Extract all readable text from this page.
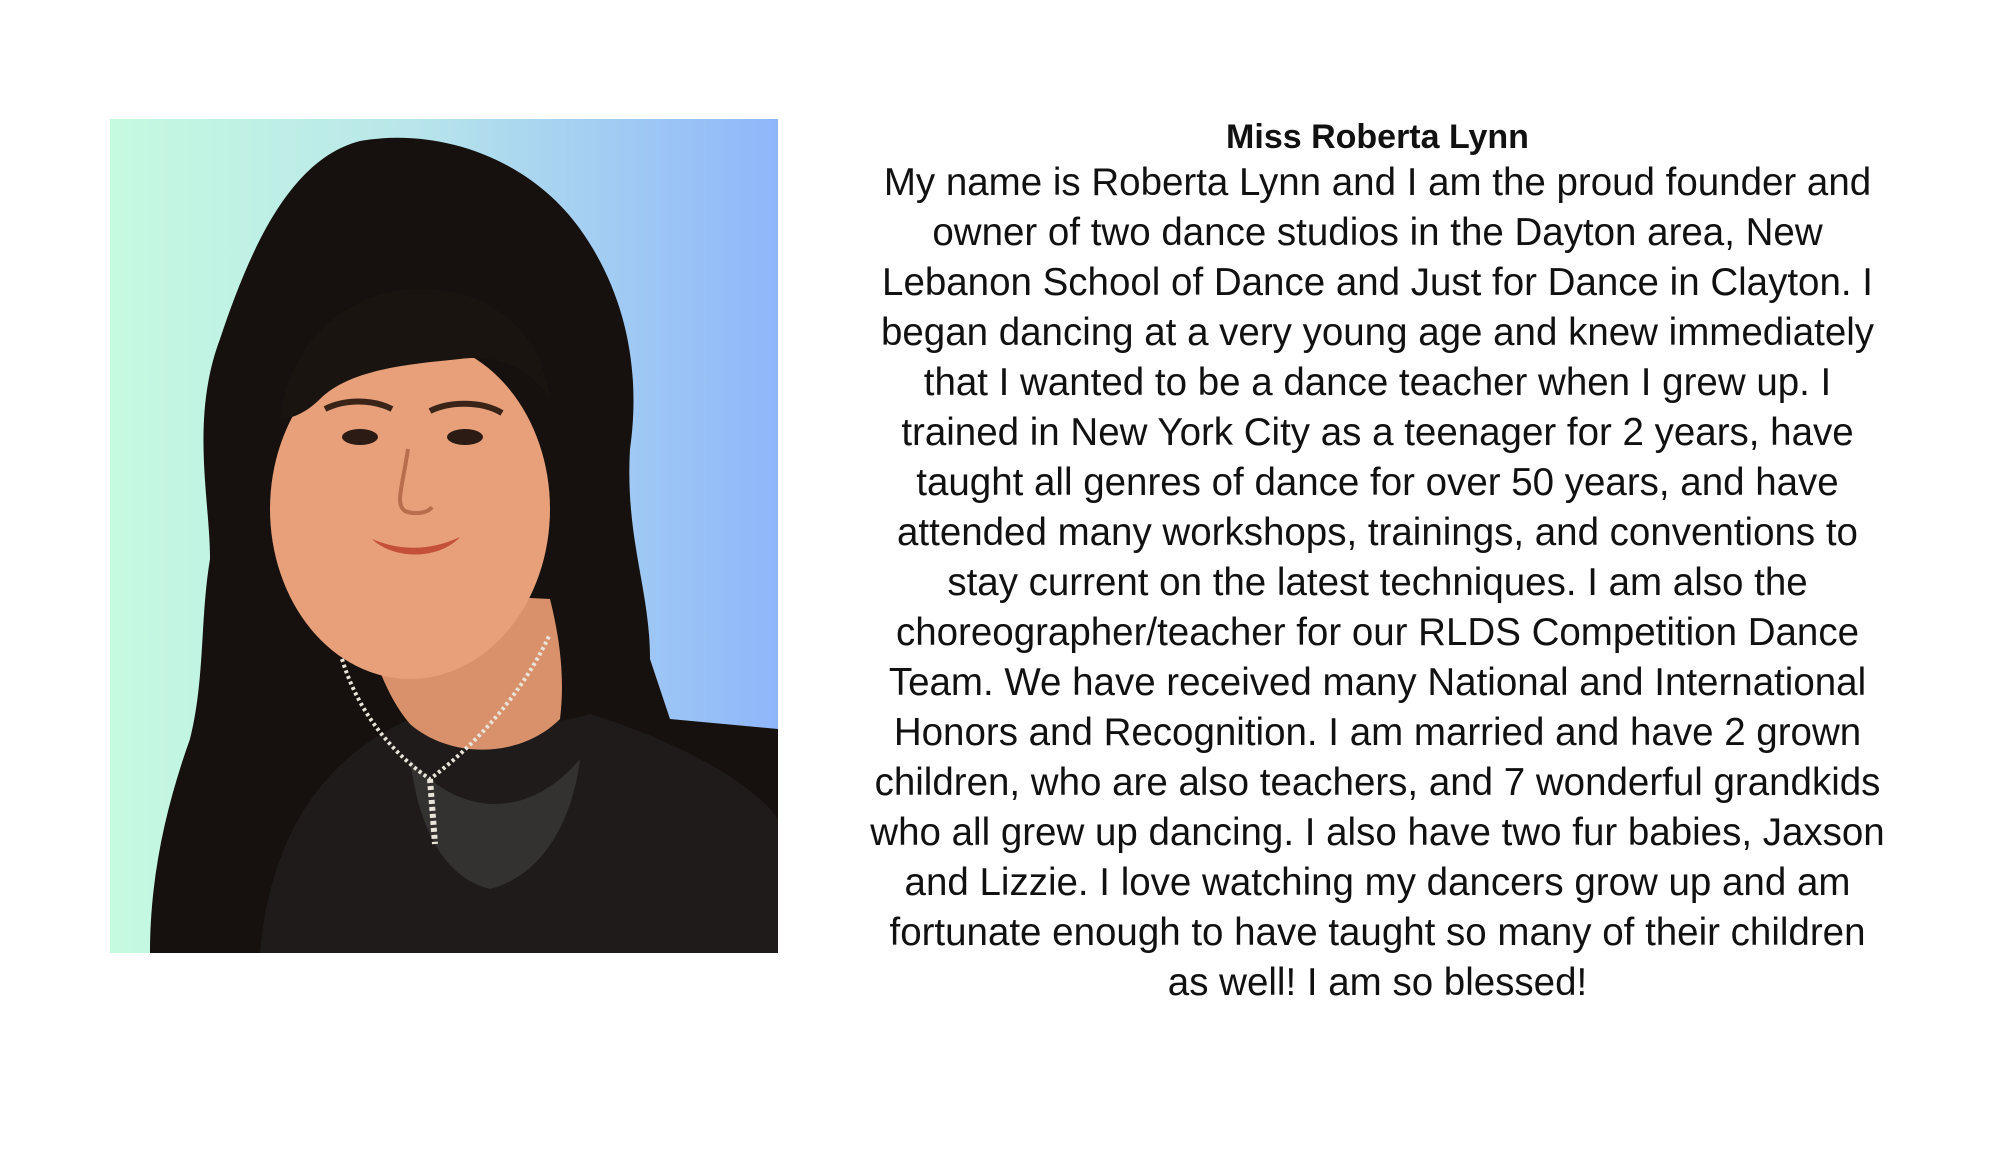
Miss Roberta Lynn

My name is Roberta Lynn and I am the proud founder and
owner of two dance studios in the Dayton area, New
Lebanon School of Dance and Just for Dance in Clayton. I
began dancing at a very young age and knew immediately
that I wanted to be a dance teacher when I grew up. I
trained in New York City as a teenager for 2 years, have
taught all genres of dance for over 50 years, and have
attended many workshops, trainings, and conventions to
stay current on the latest techniques. I am also the
choreographer/teacher for our RLDS Competition Dance
Team. We have received many National and International
Honors and Recognition. I am married and have 2 grown
children, who are also teachers, and 7 wonderful grandkids
who all grew up dancing. I also have two fur babies, Jaxson
and Lizzie. I love watching my dancers grow up and am
fortunate enough to have taught so many of their children
as well! I am so blessed!
